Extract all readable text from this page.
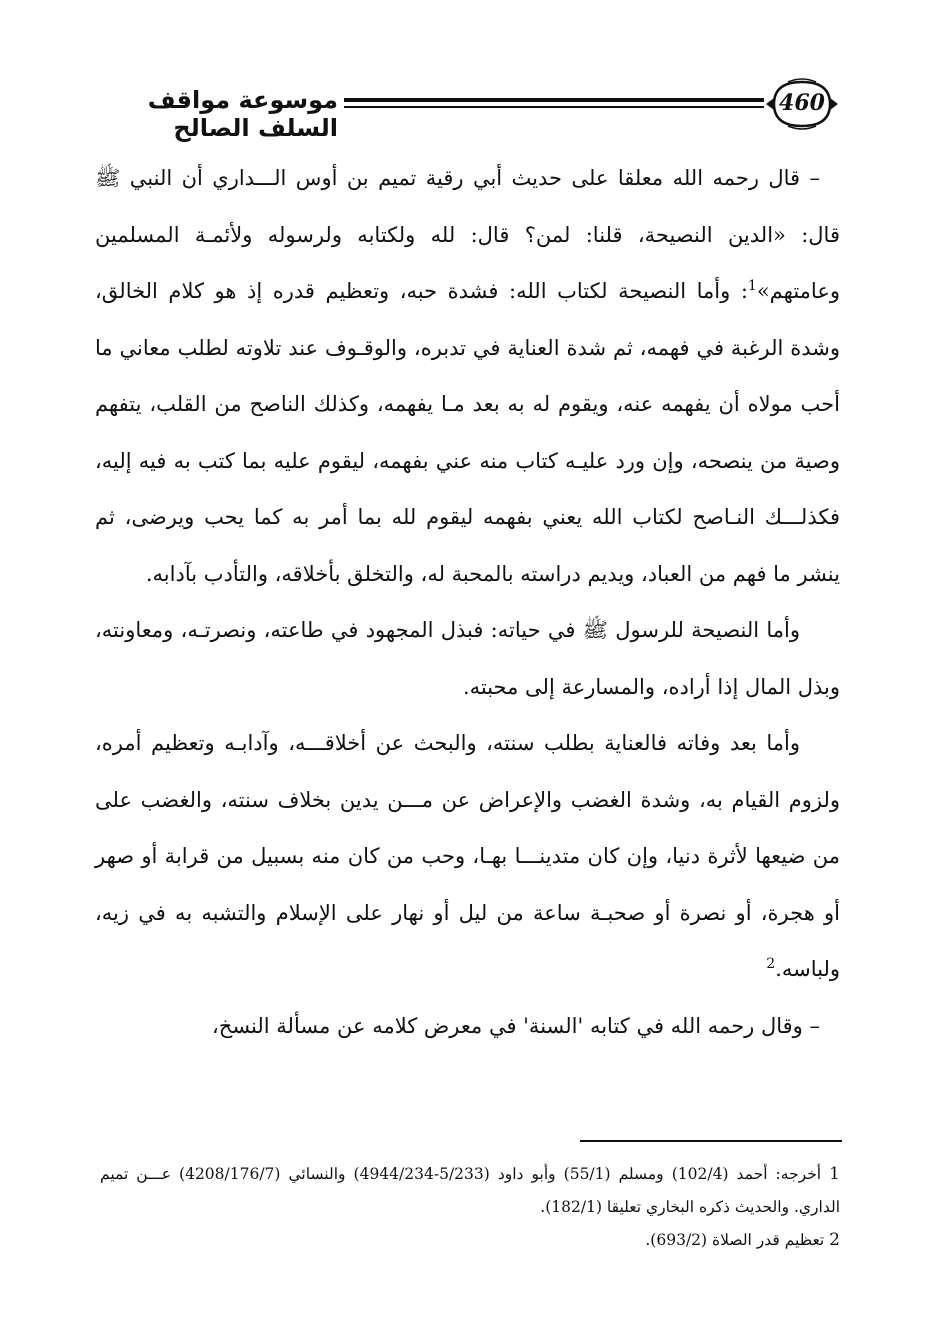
موسوعة مواقف السلف الصالح
460

– قال رحمه الله معلقا على حديث أبي رقية تميم بن أوس الـــداري أن النبي ﷺ قال: «الدين النصيحة، قلنا: لمن؟ قال: لله ولكتابه ولرسوله ولأئمـة المسلمين وعامتهم»$^1$: وأما النصيحة لكتاب الله: فشدة حبه، وتعظيم قدره إذ هو كلام الخالق، وشدة الرغبة في فهمه، ثم شدة العناية في تدبره، والوقـوف عند تلاوته لطلب معاني ما أحب مولاه أن يفهمه عنه، ويقوم له به بعد مـا يفهمه، وكذلك الناصح من القلب، يتفهم وصية من ينصحه، وإن ورد عليـه كتاب منه عني بفهمه، ليقوم عليه بما كتب به فيه إليه، فكذلـــك النـاصح لكتاب الله يعني بفهمه ليقوم لله بما أمر به كما يحب ويرضى، ثم ينشر ما فهم من العباد، ويديم دراسته بالمحبة له، والتخلق بأخلاقه، والتأدب بآدابه.

وأما النصيحة للرسول ﷺ في حياته: فبذل المجهود في طاعته، ونصرتـه، ومعاونته، وبذل المال إذا أراده، والمسارعة إلى محبته.

وأما بعد وفاته فالعناية بطلب سنته، والبحث عن أخلاقـــه، وآدابـه وتعظيم أمره، ولزوم القيام به، وشدة الغضب والإعراض عن مـــن يدين بخلاف سنته، والغضب على من ضيعها لأثرة دنيا، وإن كان متدينـــا بهـا، وحب من كان منه بسبيل من قرابة أو صهر أو هجرة، أو نصرة أو صحبـة ساعة من ليل أو نهار على الإسلام والتشبه به في زيه، ولباسه.$^2$

– وقال رحمه الله في كتابه 'السنة' في معرض كلامه عن مسألة النسخ،

1 أخرجه: أحمد (102/4) ومسلم (55/1) وأبو داود (5/233-4944/234) والنسائي (4208/176/7) عـــن تميم الداري. والحديث ذكره البخاري تعليقا (182/1).

2 تعظيم قدر الصلاة (693/2).
